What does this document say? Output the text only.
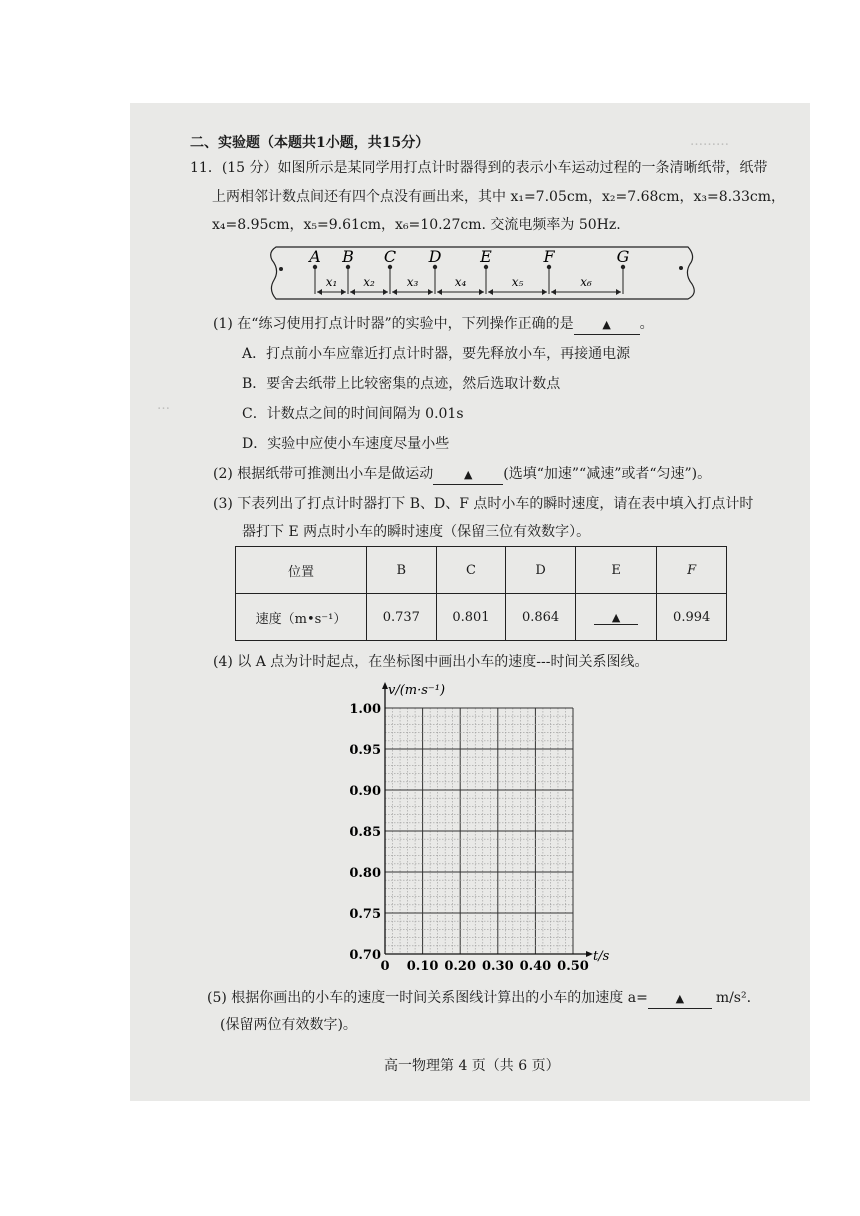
………
…
二、实验题（本题共1小题，共15分）
11．(15 分）如图所示是某同学用打点计时器得到的表示小车运动过程的一条清晰纸带，纸带
上两相邻计数点间还有四个点没有画出来，其中 x₁=7.05cm，x₂=7.68cm，x₃=8.33cm，
x₄=8.95cm，x₅=9.61cm，x₆=10.27cm. 交流电频率为 50Hz.
A B C D E	F	G
x₁ x₂	x₃	x₄	x₅	x₆
(1) 在“练习使用打点计时器”的实验中，下列操作正确的是	▲ 。
A．打点前小车应靠近打点计时器，要先释放小车，再接通电源
B．要舍去纸带上比较密集的点迹，然后选取计数点
C．计数点之间的时间间隔为 0.01s
D．实验中应使小车速度尽量小些
(2) 根据纸带可推测出小车是做运动	▲ (选填“加速”“减速”或者“匀速”)。
(3) 下表列出了打点计时器打下 B、D、F 点时小车的瞬时速度，请在表中填入打点计时
器打下 E 两点时小车的瞬时速度（保留三位有效数字）。
位置	B	C	D	E	F
速度（m•s⁻¹）	0.737	0.801	0.864	▲	0.994
(4) 以 A 点为计时起点，在坐标图中画出小车的速度---时间关系图线。
0.70
0.75
0.80
0.85
0.90
0.95
1.00
0 0.10 0.20 0.30 0.40 0.50
v/(m·s⁻¹)
t/s
(5) 根据你画出的小车的速度一时间关系图线计算出的小车的加速度 a=	▲ m/s².
(保留两位有效数字)。
高一物理第 4 页（共 6 页）
